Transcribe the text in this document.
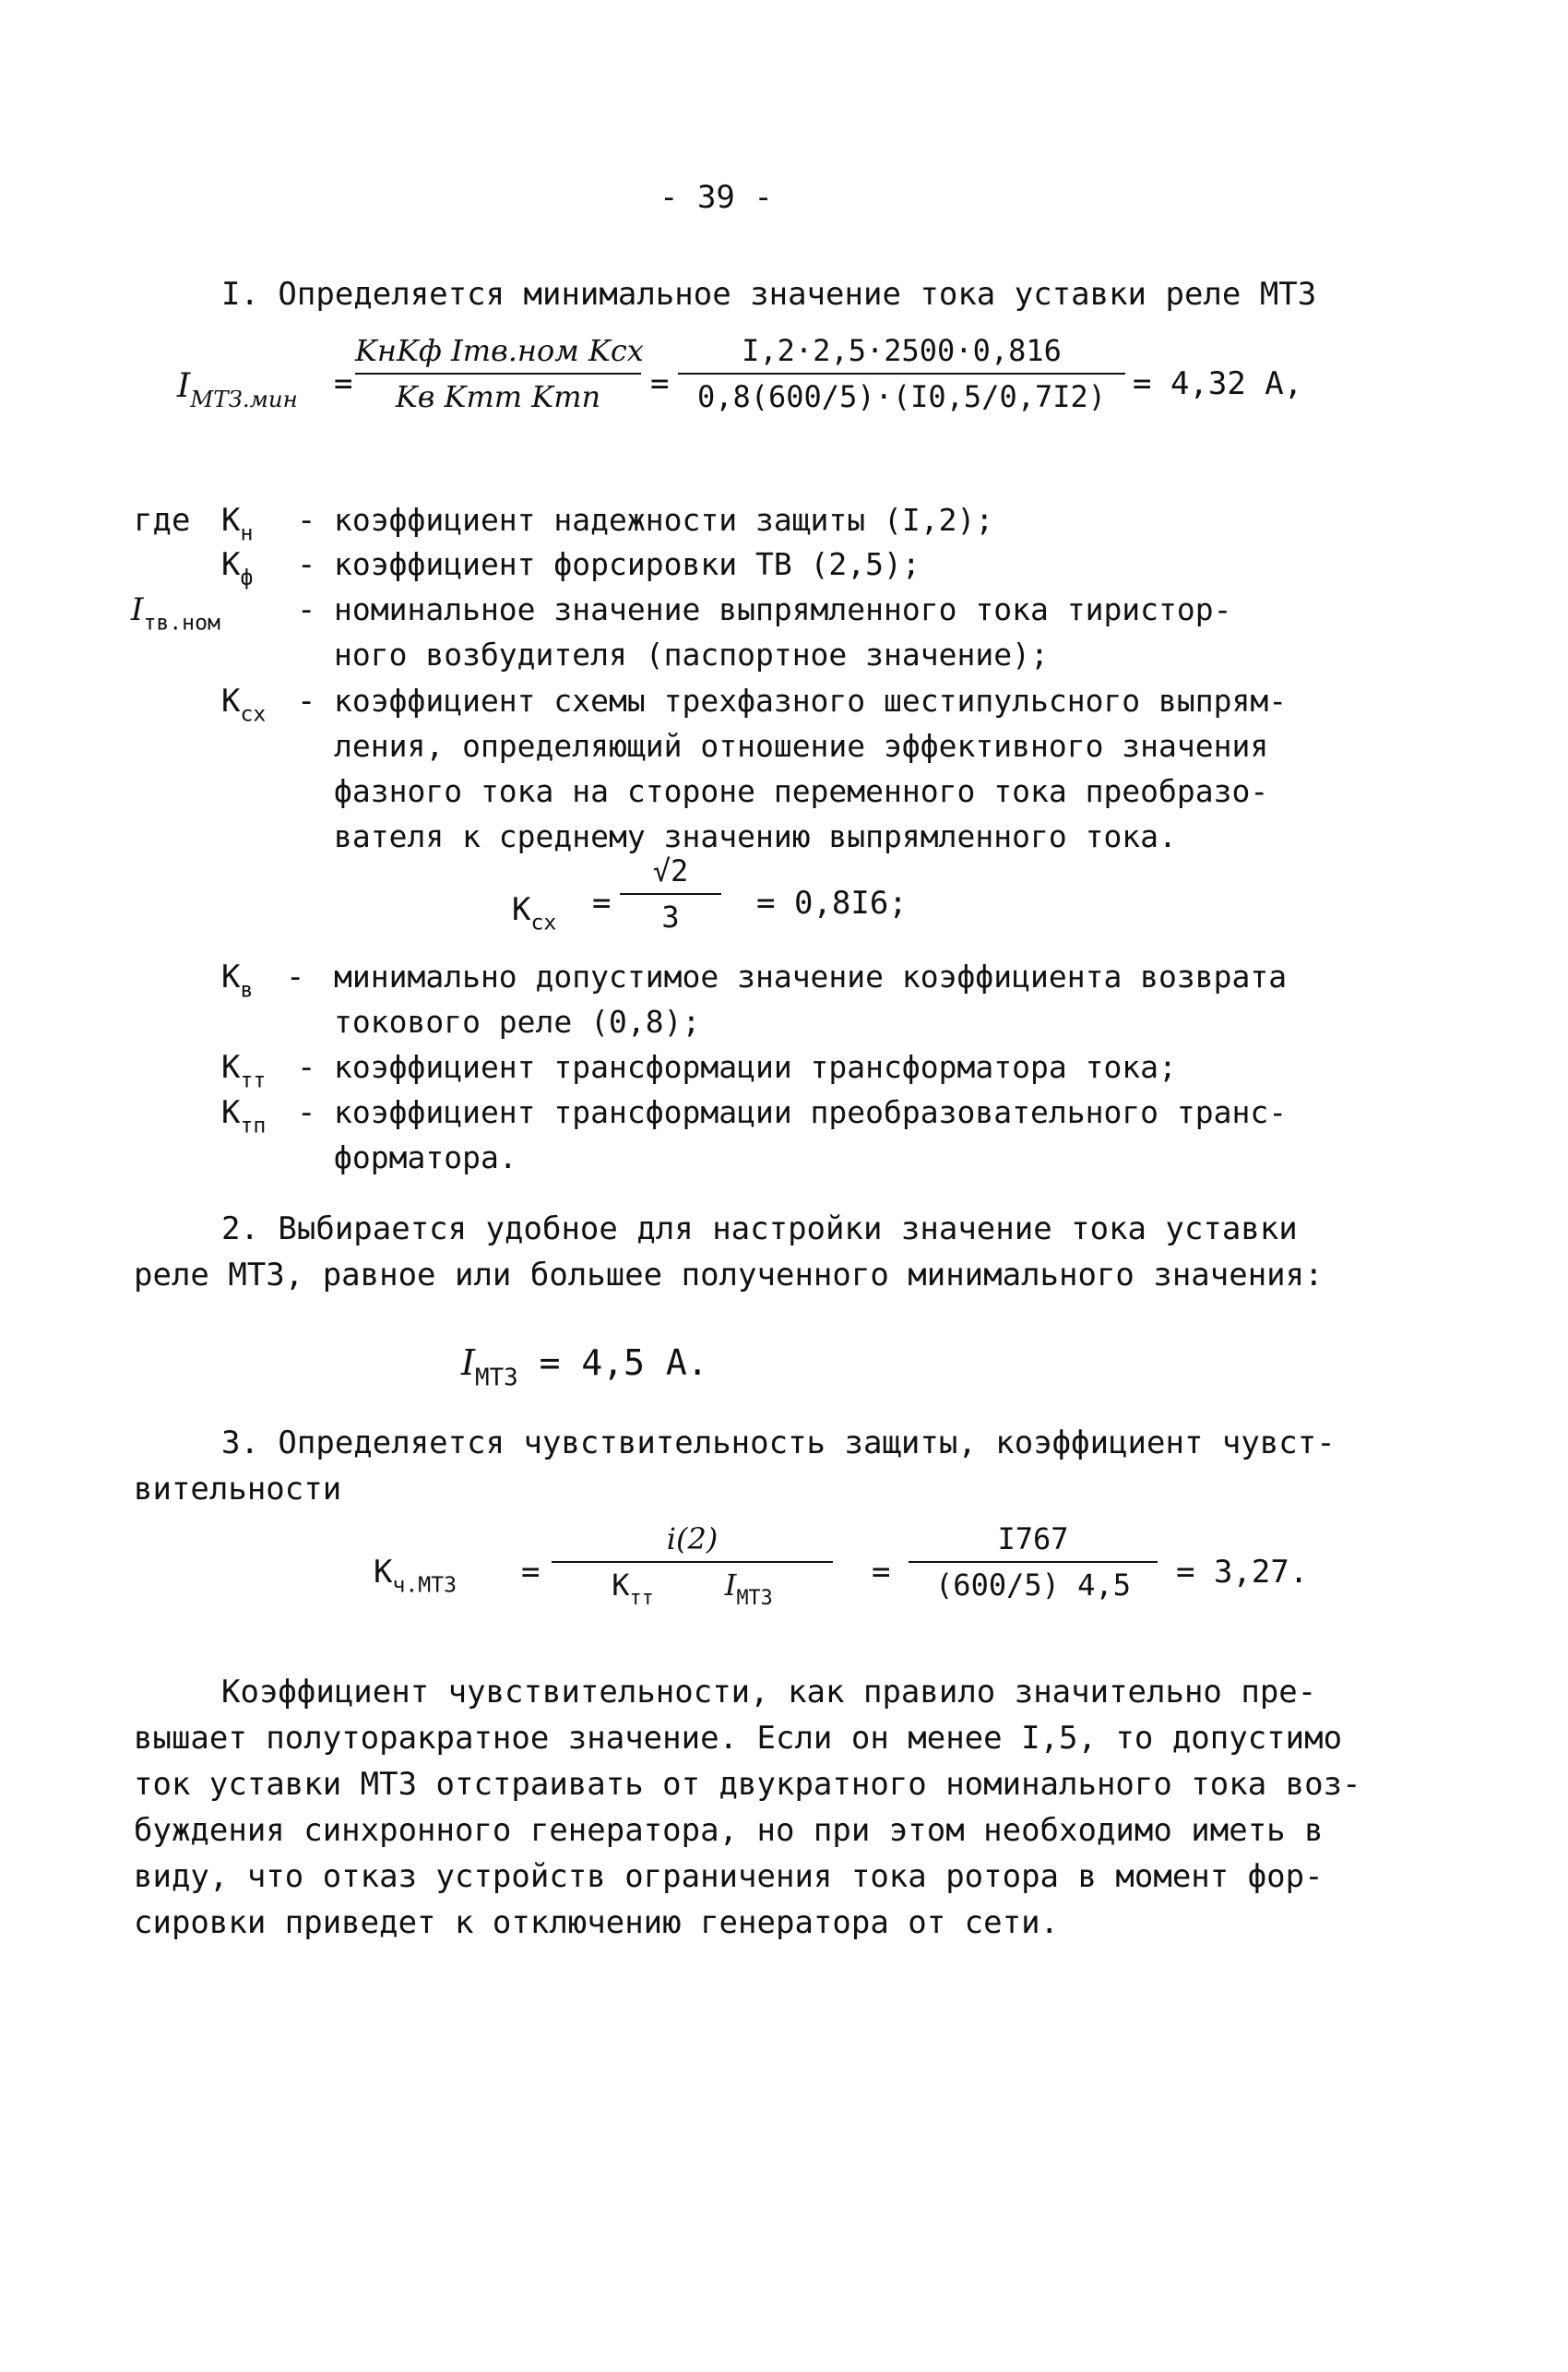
- 39 -
I. Определяется минимальное значение тока уставки реле МТЗ
$I_{МТЗ.мин}$ =
KнKф Iтв.ном Kсх
Kв Kтт Kтп	=
I,2·2,5·2500·0,816
0,8(600/5)·(I0,5/0,7I2) = 4,32 A,
где $К_н$ - коэффициент надежности защиты (I,2);
$К_ф$ - коэффициент форсировки ТВ (2,5);
$I_{тв.ном}$ - номинальное значение выпрямленного тока тиристор-
ного возбудителя (паспортное значение);
$К_{сх}$ - коэффициент схемы трехфазного шестипульсного выпрям-
ления, определяющий отношение эффективного значения
фазного тока на стороне переменного тока преобразо-
вателя к среднему значению выпрямленного тока.
$К_{сх}$
=
√2
3	= 0,8I6;
$К_в$ - минимально допустимое значение коэффициента возврата
токового реле (0,8);
$К_{тт}$ - коэффициент трансформации трансформатора тока;
$К_{тп}$ - коэффициент трансформации преобразовательного транс-
форматора.
2. Выбирается удобное для настройки значение тока уставки
реле МТЗ, равное или большее полученного минимального значения:
$I_{МТЗ} = 4,5$ A.
3. Определяется чувствительность защиты, коэффициент чувст-
вительности
$К_{ч.МТЗ}$ =
i(2)
$К_{тт}$ $I_{МТЗ}$
=
I767
(600/5) 4,5	= 3,27.
Коэффициент чувствительности, как правило значительно пре-
вышает полуторакратное значение. Если он менее I,5, то допустимо
ток уставки МТЗ отстраивать от двукратного номинального тока воз-
буждения синхронного генератора, но при этом необходимо иметь в
виду, что отказ устройств ограничения тока ротора в момент фор-
сировки приведет к отключению генератора от сети.
